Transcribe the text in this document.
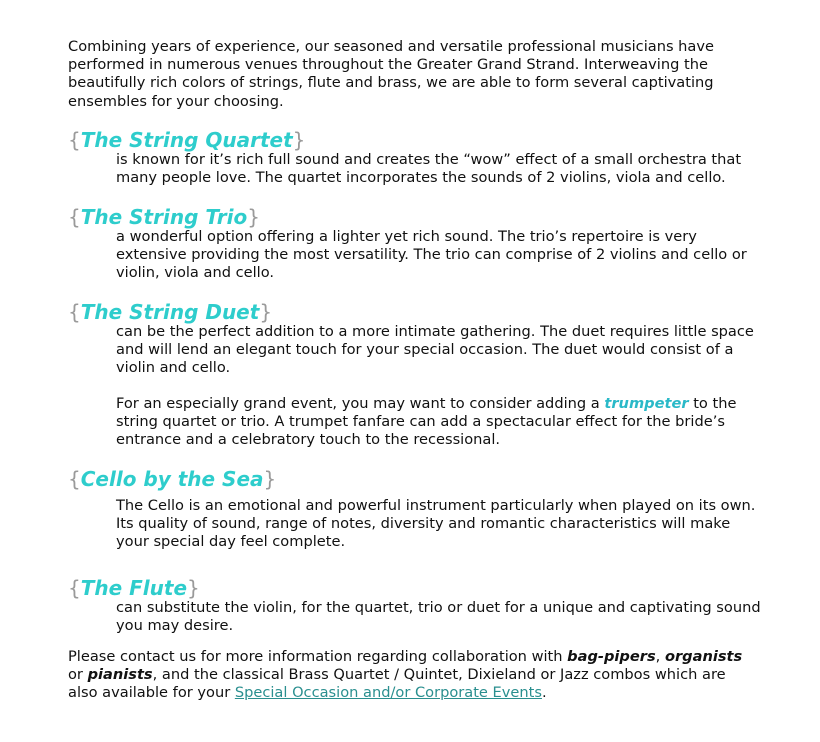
Combining years of experience, our seasoned and versatile professional musicians have performed in numerous venues throughout the Greater Grand Strand. Interweaving the beautifully rich colors of strings, flute and brass, we are able to form several captivating ensembles for your choosing.

{The String Quartet}

is known for it’s rich full sound and creates the “wow” effect of a small orchestra that many people love. The quartet incorporates the sounds of 2 violins, viola and cello.

{The String Trio}

a wonderful option offering a lighter yet rich sound. The trio’s repertoire is very extensive providing the most versatility. The trio can comprise of 2 violins and cello or violin, viola and cello.

{The String Duet}

can be the perfect addition to a more intimate gathering. The duet requires little space and will lend an elegant touch for your special occasion. The duet would consist of a violin and cello.

For an especially grand event, you may want to consider adding a trumpeter to the string quartet or trio. A trumpet fanfare can add a spectacular effect for the bride’s entrance and a celebratory touch to the recessional.

{Cello by the Sea}

The Cello is an emotional and powerful instrument particularly when played on its own. Its quality of sound, range of notes, diversity and romantic characteristics will make your special day feel complete.

{The Flute}

can substitute the violin, for the quartet, trio or duet for a unique and captivating sound you may desire.

Please contact us for more information regarding collaboration with bag-pipers, organists or pianists, and the classical Brass Quartet / Quintet, Dixieland or Jazz combos which are also available for your Special Occasion and/or Corporate Events.
